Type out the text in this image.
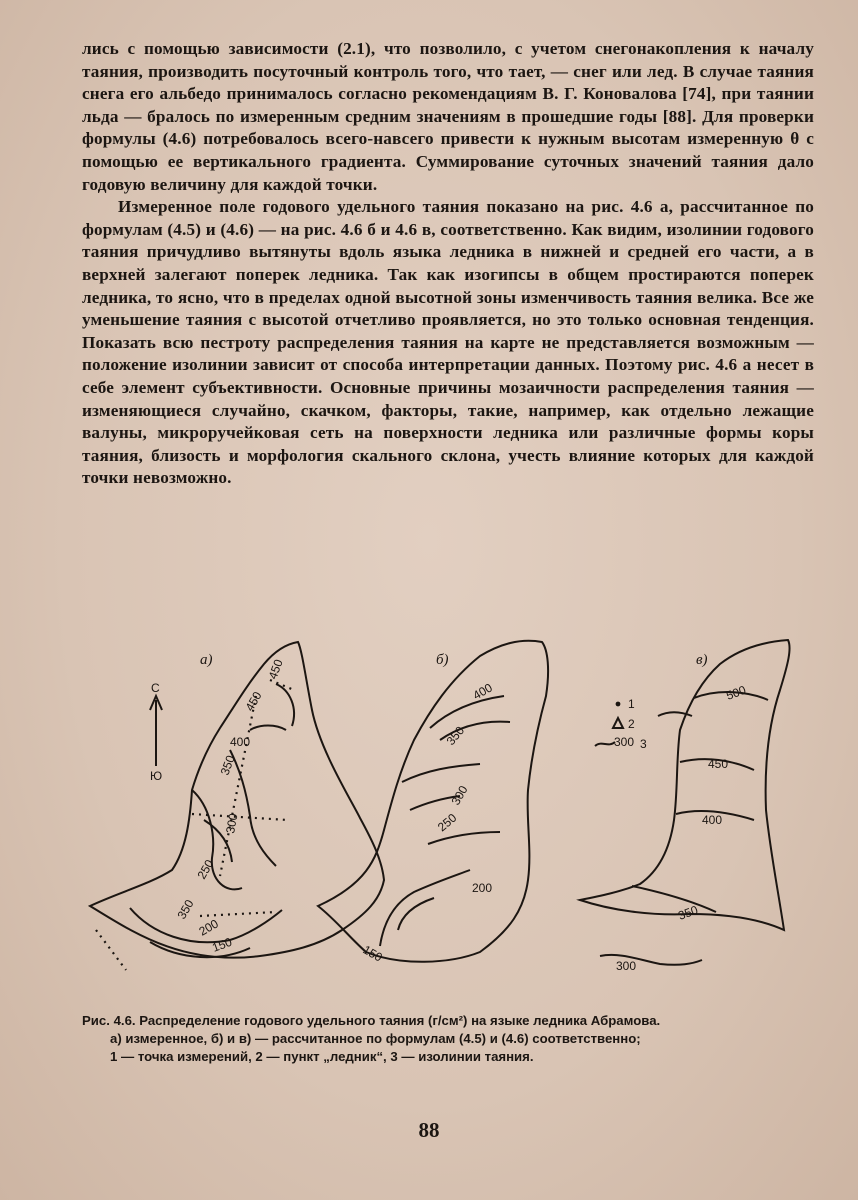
лись с помощью зависимости (2.1), что позволило, с учетом снегонакопления к началу таяния, производить посуточный контроль того, что тает, — снег или лед. В случае таяния снега его альбедо принималось согласно рекомендациям В. Г. Коновалова [74], при таянии льда — бралось по измеренным средним значениям в прошедшие годы [88]. Для проверки формулы (4.6) потребовалось всего-навсего привести к нужным высотам измеренную θ с помощью ее вертикального градиента. Суммирование суточных значений таяния дало годовую величину для каждой точки.

Измеренное поле годового удельного таяния показано на рис. 4.6 а, рассчитанное по формулам (4.5) и (4.6) — на рис. 4.6 б и 4.6 в, соответственно. Как видим, изолинии годового таяния причудливо вытянуты вдоль языка ледника в нижней и средней его части, а в верхней залегают поперек ледника. Так как изогипсы в общем простираются поперек ледника, то ясно, что в пределах одной высотной зоны изменчивость таяния велика. Все же уменьшение таяния с высотой отчетливо проявляется, но это только основная тенденция. Показать всю пестроту распределения таяния на карте не представляется возможным — положение изолинии зависит от способа интерпретации данных. Поэтому рис. 4.6 а несет в себе элемент субъективности. Основные причины мозаичности распределения таяния — изменяющиеся случайно, скачком, факторы, такие, например, как отдельно лежащие валуны, микроручейковая сеть на поверхности ледника или различные формы коры таяния, близость и морфология скального склона, учесть влияние которых для каждой точки невозможно.

а)	б)	в)
С
Ю
1
2
300 3
450
450
400
350
300
250
350
200
150
400
350
300
250
200
150
500
450
400
350
300

Рис. 4.6. Распределение годового удельного таяния (г/см²) на языке ледника Абрамова.

а) измеренное, б) и в) — рассчитанное по формулам (4.5) и (4.6) соответственно;

1 — точка измерений, 2 — пункт „ледник“, 3 — изолинии таяния.

88
